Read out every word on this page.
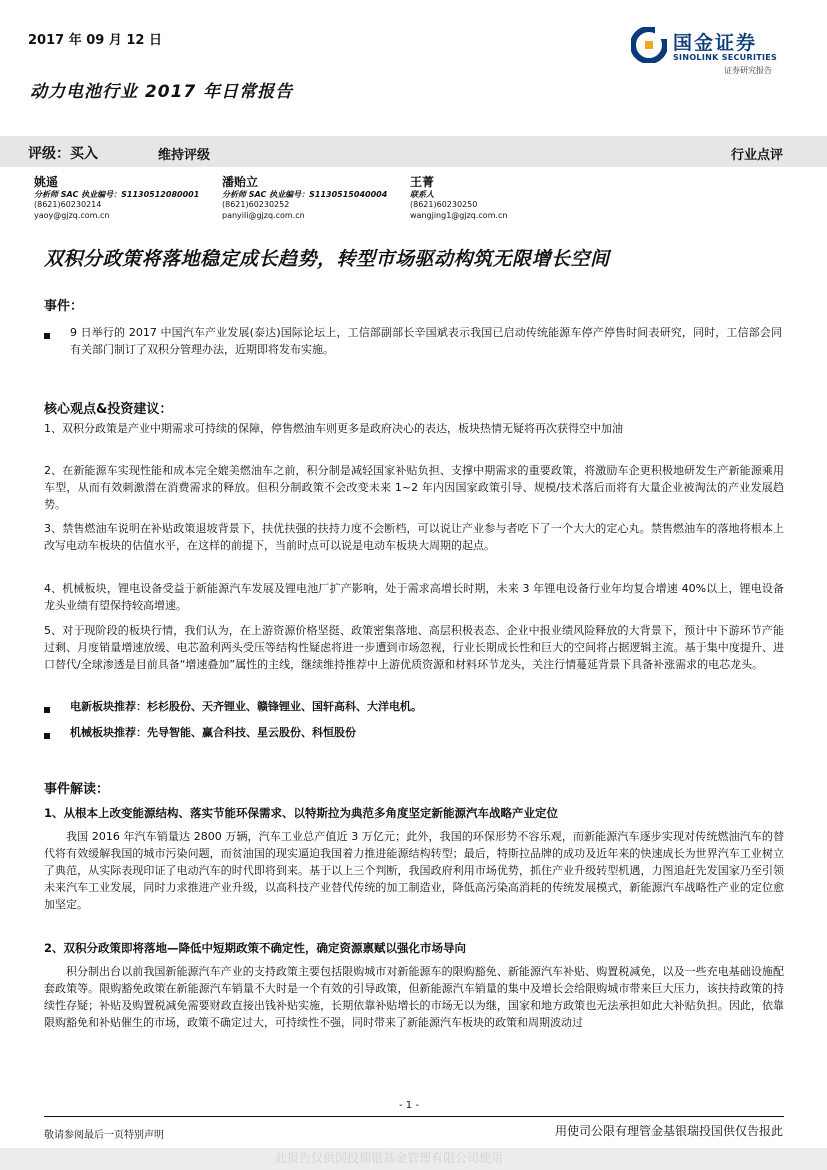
2017 年 09 月 12 日
动力电池行业 2017 年日常报告
国金证券
SINOLINK SECURITIES
证券研究报告
评级：买入	维持评级	行业点评
姚遥
分析师 SAC 执业编号：S1130512080001
(8621)60230214
yaoy@gjzq.com.cn
潘贻立
分析师 SAC 执业编号：S1130515040004
(8621)60230252
panyili@gjzq.com.cn
王菁
联系人
(8621)60230250
wangjing1@gjzq.com.cn
双积分政策将落地稳定成长趋势，转型市场驱动构筑无限增长空间
事件：
9 日举行的 2017 中国汽车产业发展(泰达)国际论坛上，工信部副部长辛国斌表示我国已启动传统能源车停产停售时间表研究，同时，工信部会同有关部门制订了双积分管理办法，近期即将发布实施。
核心观点&投资建议：
1、双积分政策是产业中期需求可持续的保障，停售燃油车则更多是政府决心的表达，板块热情无疑将再次获得空中加油
2、在新能源车实现性能和成本完全媲美燃油车之前，积分制是减轻国家补贴负担、支撑中期需求的重要政策，将激励车企更积极地研发生产新能源乘用车型，从而有效刺激潜在消费需求的释放。但积分制政策不会改变未来 1~2 年内因国家政策引导、规模/技术落后而将有大量企业被淘汰的产业发展趋势。
3、禁售燃油车说明在补贴政策退坡背景下，扶优扶强的扶持力度不会断档，可以说让产业参与者吃下了一个大大的定心丸。禁售燃油车的落地将根本上改写电动车板块的估值水平，在这样的前提下，当前时点可以说是电动车板块大周期的起点。
4、机械板块，锂电设备受益于新能源汽车发展及锂电池厂扩产影响，处于需求高增长时期，未来 3 年锂电设备行业年均复合增速 40%以上，锂电设备龙头业绩有望保持较高增速。
5、对于现阶段的板块行情，我们认为，在上游资源价格坚挺、政策密集落地、高层积极表态、企业中报业绩风险释放的大背景下，预计中下游环节产能过剩、月度销量增速放缓、电芯盈利两头受压等结构性疑虑将进一步遭到市场忽视，行业长期成长性和巨大的空间将占据逻辑主流。基于集中度提升、进口替代/全球渗透是目前具备“增速叠加”属性的主线，继续维持推荐中上游优质资源和材料环节龙头，关注行情蔓延背景下具备补涨需求的电芯龙头。
电新板块推荐：杉杉股份、天齐锂业、赣锋锂业、国轩高科、大洋电机。
机械板块推荐：先导智能、赢合科技、星云股份、科恒股份
事件解读：
1、从根本上改变能源结构、落实节能环保需求、以特斯拉为典范多角度坚定新能源汽车战略产业定位
我国 2016 年汽车销量达 2800 万辆，汽车工业总产值近 3 万亿元；此外，我国的环保形势不容乐观，而新能源汽车逐步实现对传统燃油汽车的替代将有效缓解我国的城市污染问题，而贫油国的现实逼迫我国着力推进能源结构转型；最后，特斯拉品牌的成功及近年来的快速成长为世界汽车工业树立了典范，从实际表现印证了电动汽车的时代即将到来。基于以上三个判断，我国政府利用市场优势，抓住产业升级转型机遇，力图追赶先发国家乃至引领未来汽车工业发展，同时力求推进产业升级，以高科技产业替代传统的加工制造业，降低高污染高消耗的传统发展模式，新能源汽车战略性产业的定位愈加坚定。
2、双积分政策即将落地—降低中短期政策不确定性，确定资源禀赋以强化市场导向
积分制出台以前我国新能源汽车产业的支持政策主要包括限购城市对新能源车的限购豁免、新能源汽车补贴、购置税减免，以及一些充电基础设施配套政策等。限购豁免政策在新能源汽车销量不大时是一个有效的引导政策，但新能源汽车销量的集中及增长会给限购城市带来巨大压力，该扶持政策的持续性存疑；补贴及购置税减免需要财政直接出钱补贴实施，长期依靠补贴增长的市场无以为继，国家和地方政策也无法承担如此大补贴负担。因此，依靠限购豁免和补贴催生的市场，政策不确定过大，可持续性不强，同时带来了新能源汽车板块的政策和周期波动过
- 1 -
敬请参阅最后一页特别声明	用使司公限有理管金基银瑞投国供仅告报此
此报告仅供国投瑞银基金管理有限公司使用
